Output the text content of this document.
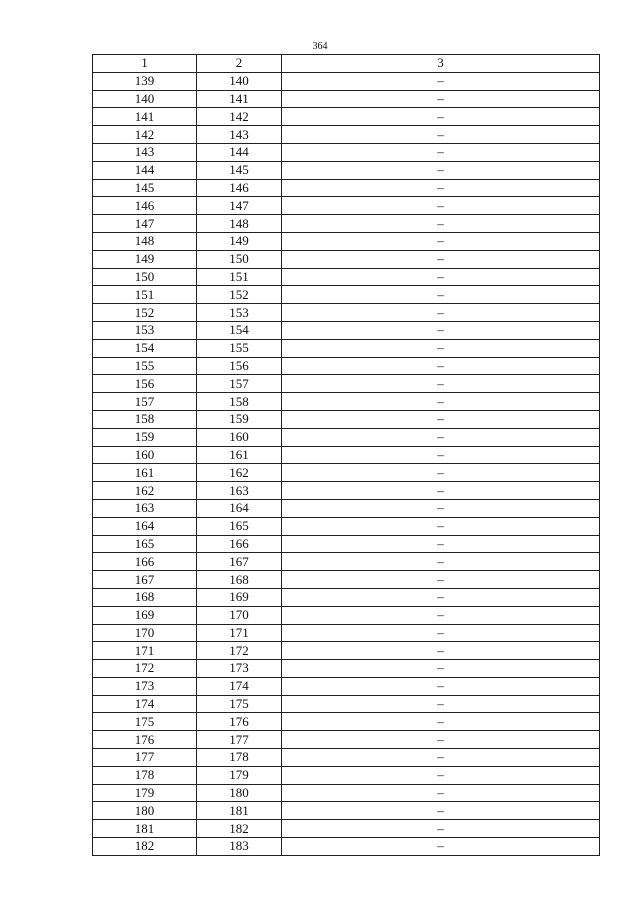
364
1	2	3
139	140	–
140	141	–
141	142	–
142	143	–
143	144	–
144	145	–
145	146	–
146	147	–
147	148	–
148	149	–
149	150	–
150	151	–
151	152	–
152	153	–
153	154	–
154	155	–
155	156	–
156	157	–
157	158	–
158	159	–
159	160	–
160	161	–
161	162	–
162	163	–
163	164	–
164	165	–
165	166	–
166	167	–
167	168	–
168	169	–
169	170	–
170	171	–
171	172	–
172	173	–
173	174	–
174	175	–
175	176	–
176	177	–
177	178	–
178	179	–
179	180	–
180	181	–
181	182	–
182	183	–
